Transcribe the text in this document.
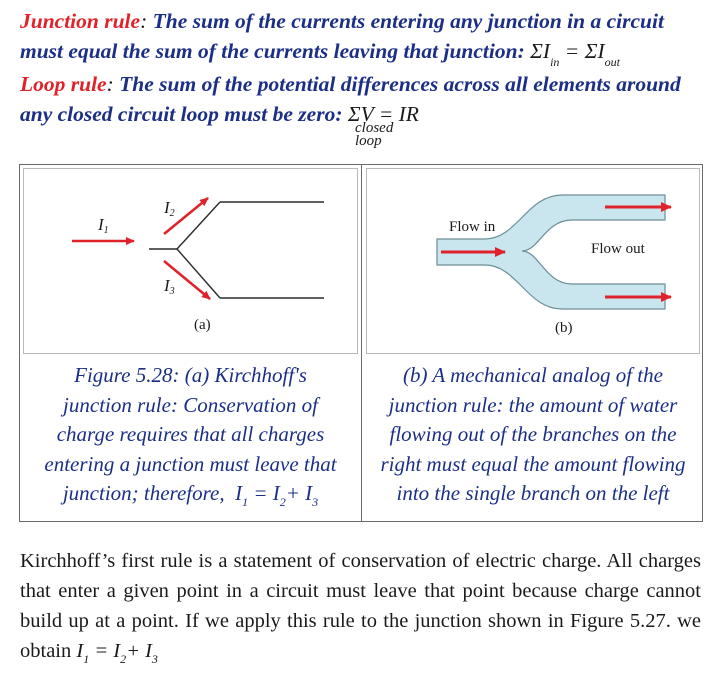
Junction rule: The sum of the currents entering any junction in a circuit
must equal the sum of the currents leaving that junction: $\Sigma I_{in} = \Sigma I_{out}$
Loop rule: The sum of the potential differences across all elements around
any closed circuit loop must be zero: ΣV = IR
closed
loop
I1
I2
I3
(a)
Flow in
Flow out
(b)
Figure 5.28: (a) Kirchhoff's
junction rule: Conservation of
charge requires that all charges
entering a junction must leave that
junction; therefore, $I_1 = I_2+ I_3$
(b) A mechanical analog of the
junction rule: the amount of water
flowing out of the branches on the
right must equal the amount flowing
into the single branch on the left
Kirchhoff’s first rule is a statement of conservation of electric charge. All charges that enter a given point in a circuit must leave that point because charge cannot build up at a point. If we apply this rule to the junction shown in Figure 5.27. we obtain $I_1 = I_2+ I_3$
